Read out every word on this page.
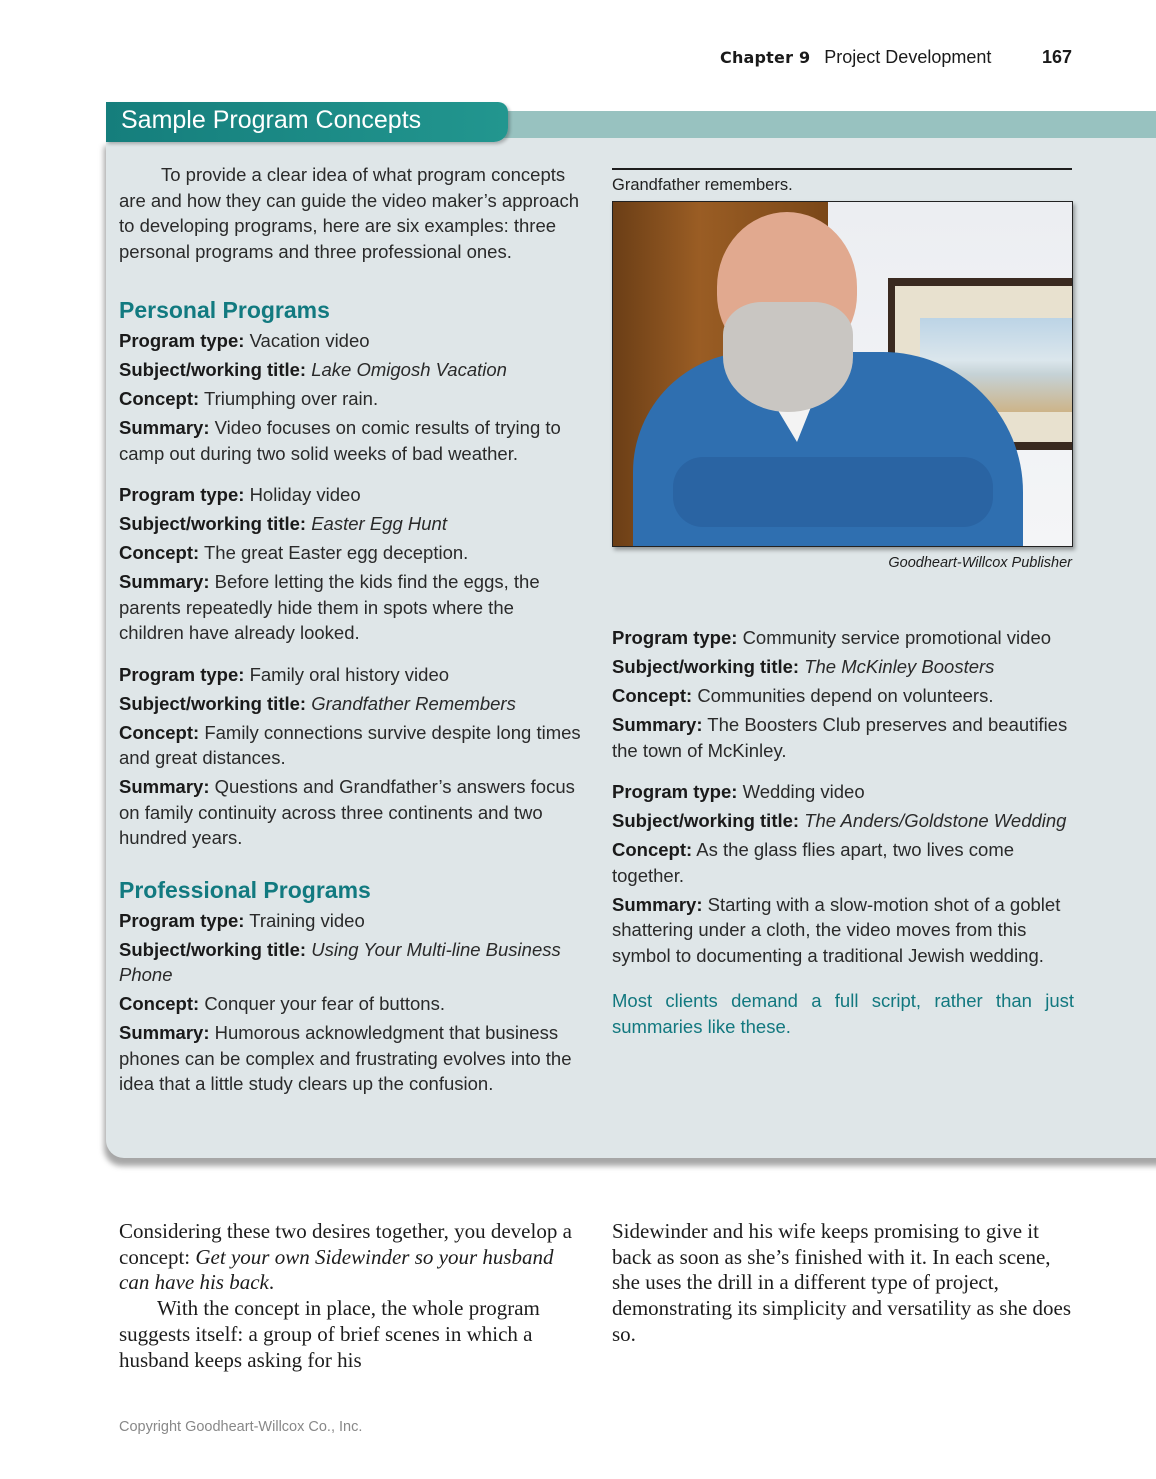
Chapter 9 Project Development	167
Sample Program Concepts

To provide a clear idea of what program concepts are and how they can guide the video maker’s approach to developing programs, here are six examples: three personal programs and three professional ones.

Personal Programs

Program type: Vacation video

Subject/working title: Lake Omigosh Vacation

Concept: Triumphing over rain.

Summary: Video focuses on comic results of trying to camp out during two solid weeks of bad weather.

Program type: Holiday video

Subject/working title: Easter Egg Hunt

Concept: The great Easter egg deception.

Summary: Before letting the kids find the eggs, the parents repeatedly hide them in spots where the children have already looked.

Program type: Family oral history video

Subject/working title: Grandfather Remembers

Concept: Family connections survive despite long times and great distances.

Summary: Questions and Grandfather’s answers focus on family continuity across three continents and two hundred years.

Professional Programs

Program type: Training video

Subject/working title: Using Your Multi-line Business Phone

Concept: Conquer your fear of buttons.

Summary: Humorous acknowledgment that business phones can be complex and frustrating evolves into the idea that a little study clears up the confusion.

Grandfather remembers.
Goodheart-Willcox Publisher

Program type: Community service promotional video

Subject/working title: The McKinley Boosters

Concept: Communities depend on volunteers.

Summary: The Boosters Club preserves and beautifies the town of McKinley.

Program type: Wedding video

Subject/working title: The Anders/Goldstone Wedding

Concept: As the glass flies apart, two lives come together.

Summary: Starting with a slow-motion shot of a goblet shattering under a cloth, the video moves from this symbol to documenting a traditional Jewish wedding.

Most clients demand a full script, rather than just summaries like these.

Considering these two desires together, you develop a concept: Get your own Sidewinder so your husband can have his back.

With the concept in place, the whole program suggests itself: a group of brief scenes in which a husband keeps asking for his

Sidewinder and his wife keeps promising to give it back as soon as she’s finished with it. In each scene, she uses the drill in a different type of project, demonstrating its simplicity and versatility as she does so.

Copyright Goodheart-Willcox Co., Inc.
